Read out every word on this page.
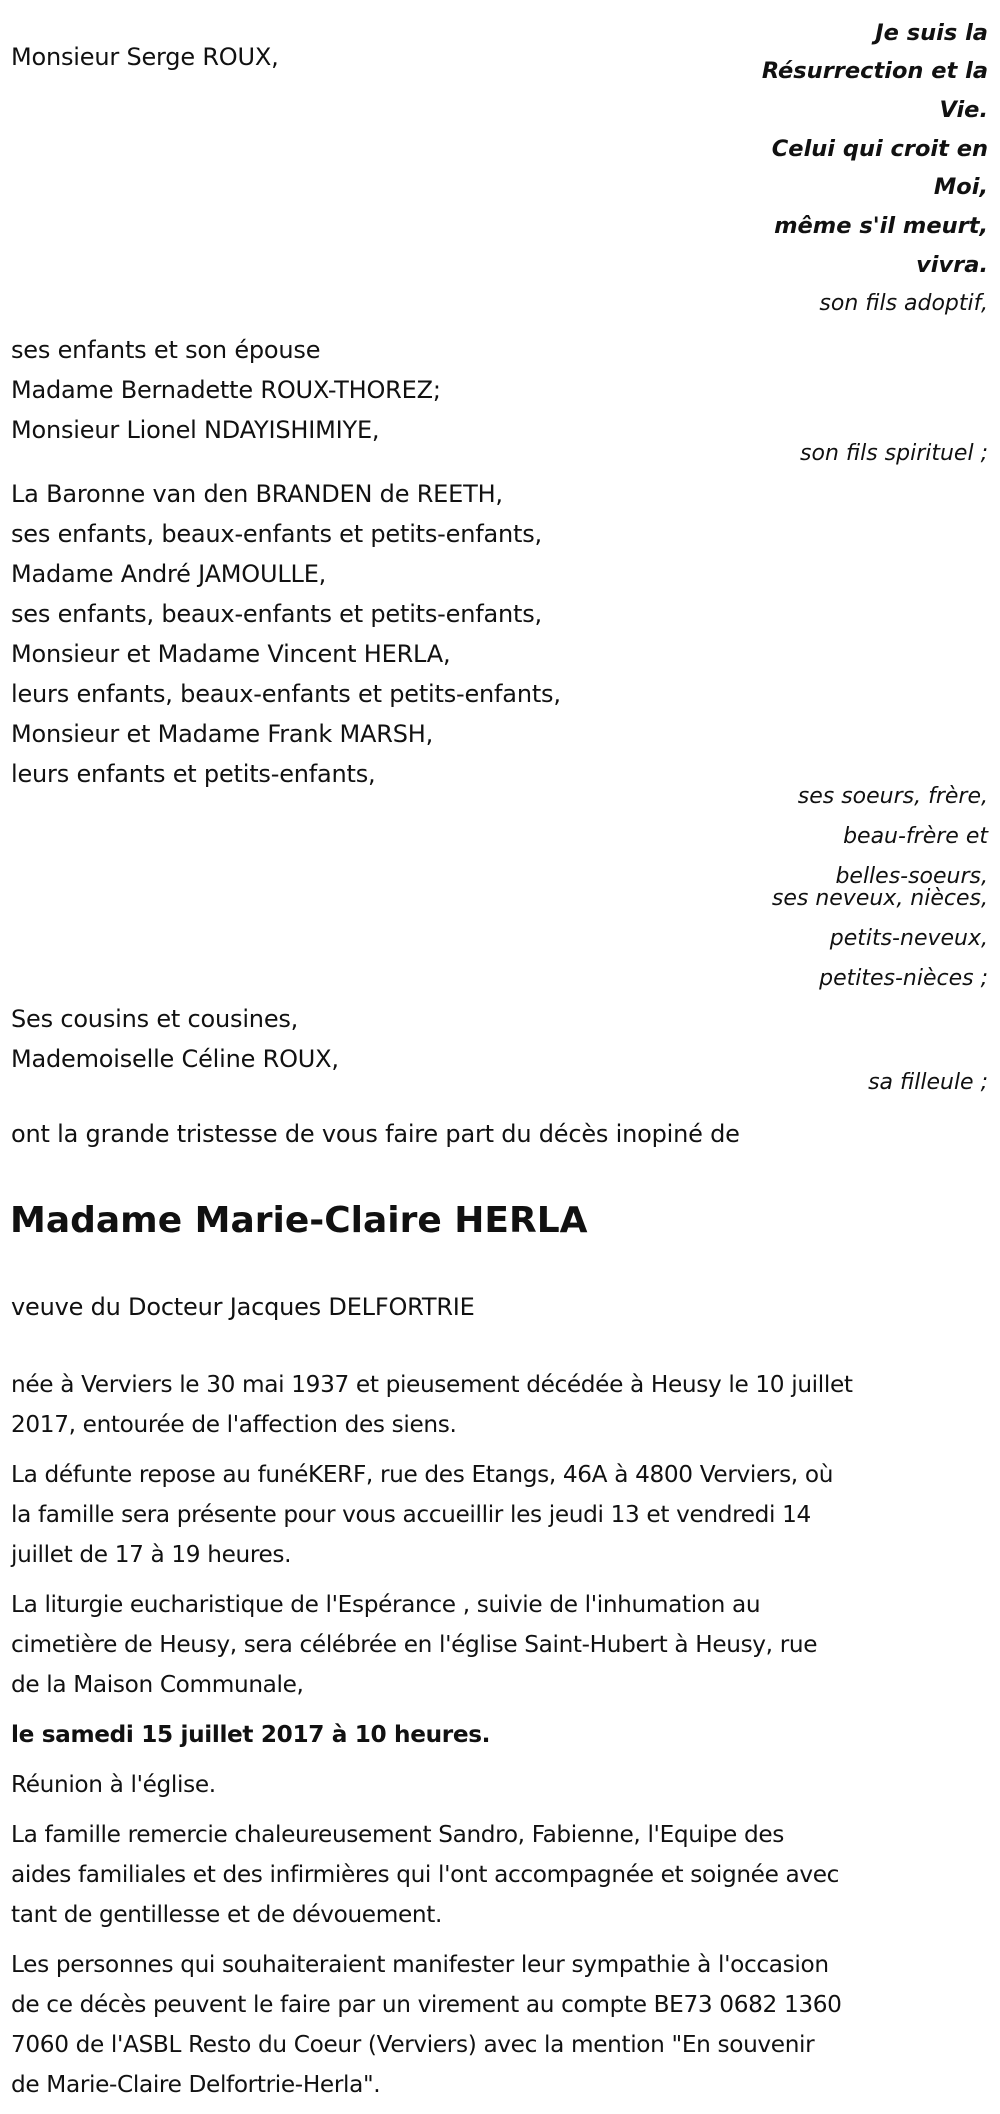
Je suis la
Résurrection et la
Vie.
Celui qui croit en
Moi,
même s'il meurt,
vivra.
Monsieur Serge ROUX,
son fils adoptif,
ses enfants et son épouse
Madame Bernadette ROUX-THOREZ;
Monsieur Lionel NDAYISHIMIYE,
son fils spirituel ;
La Baronne van den BRANDEN de REETH,
ses enfants, beaux-enfants et petits-enfants,
Madame André JAMOULLE,
ses enfants, beaux-enfants et petits-enfants,
Monsieur et Madame Vincent HERLA,
leurs enfants, beaux-enfants et petits-enfants,
Monsieur et Madame Frank MARSH,
leurs enfants et petits-enfants,
ses soeurs, frère,
beau-frère et
belles-soeurs,
ses neveux, nièces,
petits-neveux,
petites-nièces ;
Ses cousins et cousines,
Mademoiselle Céline ROUX,
sa filleule ;
ont la grande tristesse de vous faire part du décès inopiné de
Madame Marie-Claire HERLA
veuve du Docteur Jacques DELFORTRIE
née à Verviers le 30 mai 1937 et pieusement décédée à Heusy le 10 juillet
2017, entourée de l'affection des siens.
La défunte repose au funéKERF, rue des Etangs, 46A à 4800 Verviers, où
la famille sera présente pour vous accueillir les jeudi 13 et vendredi 14
juillet de 17 à 19 heures.
La liturgie eucharistique de l'Espérance , suivie de l'inhumation au
cimetière de Heusy, sera célébrée en l'église Saint-Hubert à Heusy, rue
de la Maison Communale,
le samedi 15 juillet 2017 à 10 heures.
Réunion à l'église.
La famille remercie chaleureusement Sandro, Fabienne, l'Equipe des
aides familiales et des infirmières qui l'ont accompagnée et soignée avec
tant de gentillesse et de dévouement.
Les personnes qui souhaiteraient manifester leur sympathie à l'occasion
de ce décès peuvent le faire par un virement au compte BE73 0682 1360
7060 de l'ASBL Resto du Coeur (Verviers) avec la mention "En souvenir
de Marie-Claire Delfortrie-Herla".
